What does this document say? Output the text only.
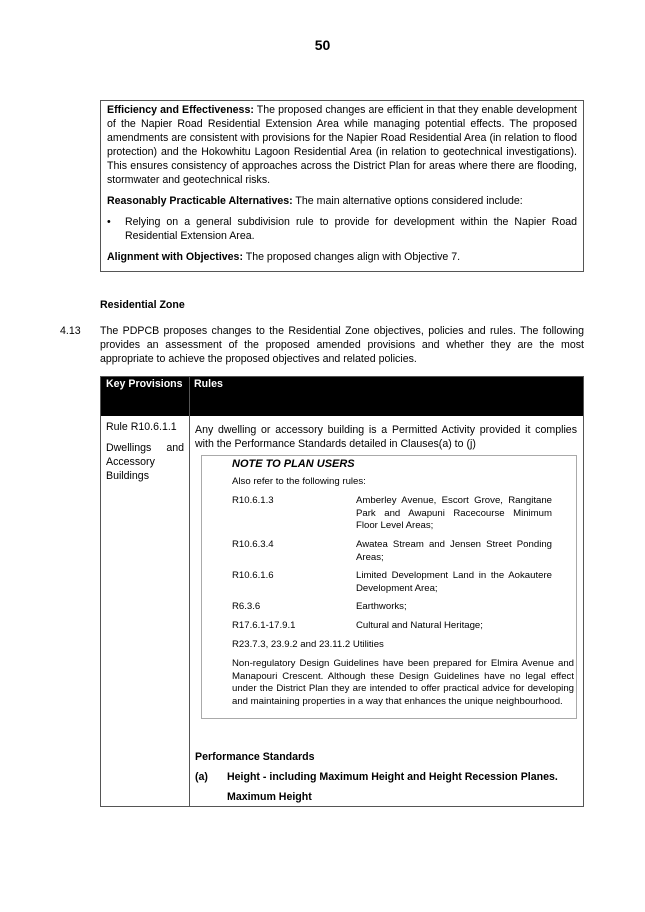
50

Efficiency and Effectiveness: The proposed changes are efficient in that they enable development of the Napier Road Residential Extension Area while managing potential effects. The proposed amendments are consistent with provisions for the Napier Road Residential Area (in relation to flood protection) and the Hokowhitu Lagoon Residential Area (in relation to geotechnical investigations). This ensures consistency of approaches across the District Plan for areas where there are flooding, stormwater and geotechnical risks.

Reasonably Practicable Alternatives: The main alternative options considered include:

•	Relying on a general subdivision rule to provide for development within the Napier Road Residential Extension Area.

Alignment with Objectives: The proposed changes align with Objective 7.

Residential Zone
4.13	The PDPCB proposes changes to the Residential Zone objectives, policies and rules. The following provides an assessment of the proposed amended provisions and whether they are the most appropriate to achieve the proposed objectives and related policies.
Key Provisions	Rules
Rule R10.6.1.1
Dwellings and
Accessory
Buildings
Any dwelling or accessory building is a Permitted Activity provided it complies with the Performance Standards detailed in Clauses(a) to (j)
NOTE TO PLAN USERS
Also refer to the following rules:
R10.6.1.3	Amberley Avenue, Escort Grove, Rangitane Park and Awapuni Racecourse Minimum Floor Level Areas;
R10.6.3.4	Awatea Stream and Jensen Street Ponding Areas;
R10.6.1.6	Limited Development Land in the Aokautere Development Area;
R6.3.6	Earthworks;
R17.6.1-17.9.1	Cultural and Natural Heritage;
R23.7.3, 23.9.2 and 23.11.2 Utilities
Non-regulatory Design Guidelines have been prepared for Elmira Avenue and Manapouri Crescent. Although these Design Guidelines have no legal effect under the District Plan they are intended to offer practical advice for developing and maintaining properties in a way that enhances the unique neighbourhood.
Performance Standards
(a) Height - including Maximum Height and Height Recession Planes.
Maximum Height
